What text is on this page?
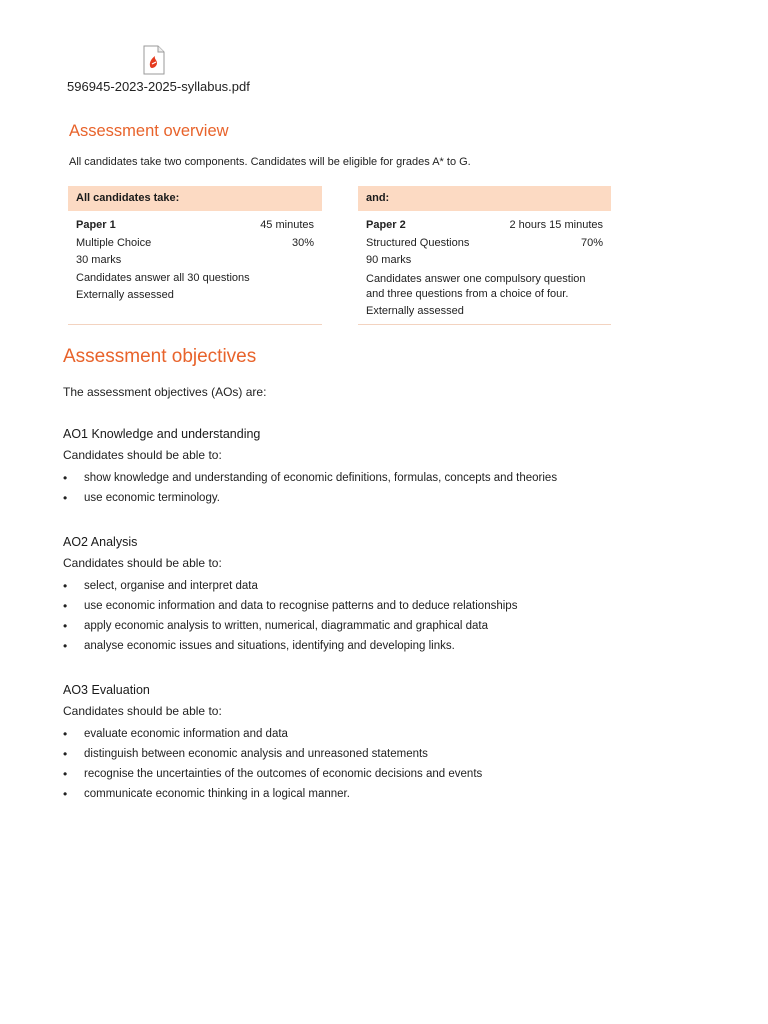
596945-2023-2025-syllabus.pdf
Assessment overview
All candidates take two components. Candidates will be eligible for grades A* to G.
All candidates take:
Paper 1	45 minutes
Multiple Choice	30%
30 marks
Candidates answer all 30 questions
Externally assessed
and:
Paper 2	2 hours 15 minutes
Structured Questions	70%
90 marks
Candidates answer one compulsory question and three questions from a choice of four.
Externally assessed
Assessment objectives
The assessment objectives (AOs) are:
AO1 Knowledge and understanding
Candidates should be able to:
• show knowledge and understanding of economic definitions, formulas, concepts and theories
• use economic terminology.
AO2 Analysis
Candidates should be able to:
• select, organise and interpret data
• use economic information and data to recognise patterns and to deduce relationships
• apply economic analysis to written, numerical, diagrammatic and graphical data
• analyse economic issues and situations, identifying and developing links.
AO3 Evaluation
Candidates should be able to:
• evaluate economic information and data
• distinguish between economic analysis and unreasoned statements
• recognise the uncertainties of the outcomes of economic decisions and events
• communicate economic thinking in a logical manner.
